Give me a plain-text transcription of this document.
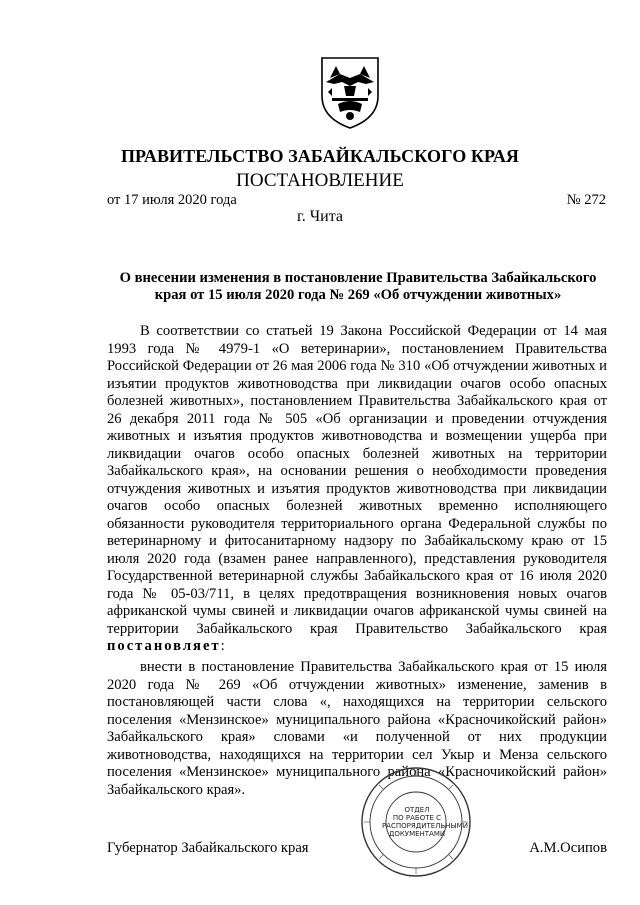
ПРАВИТЕЛЬСТВО ЗАБАЙКАЛЬСКОГО КРАЯ
ПОСТАНОВЛЕНИЕ
от 17 июля 2020 года	№ 272
г. Чита
О внесении изменения в постановление Правительства Забайкальского
края от 15 июля 2020 года № 269 «Об отчуждении животных»
В соответствии со статьей 19 Закона Российской Федерации от 14 мая 1993 года № 4979-1 «О ветеринарии», постановлением Правительства Российской Федерации от 26 мая 2006 года № 310 «Об отчуждении животных и изъятии продуктов животноводства при ликвидации очагов особо опасных болезней животных», постановлением Правительства Забайкальского края от 26 декабря 2011 года № 505 «Об организации и проведении отчуждения животных и изъятия продуктов животноводства и возмещении ущерба при ликвидации очагов особо опасных болезней животных на территории Забайкальского края», на основании решения о необходимости проведения отчуждения животных и изъятия продуктов животноводства при ликвидации очагов особо опасных болезней животных временно исполняющего обязанности руководителя территориального органа Федеральной службы по ветеринарному и фитосанитарному надзору по Забайкальскому краю от 15 июля 2020 года (взамен ранее направленного), представления руководителя Государственной ветеринарной службы Забайкальского края от 16 июля 2020 года № 05-03/711, в целях предотвращения возникновения новых очагов африканской чумы свиней и ликвидации очагов африканской чумы свиней на территории Забайкальского края Правительство Забайкальского края постановляет:
внести в постановление Правительства Забайкальского края от 15 июля 2020 года № 269 «Об отчуждении животных» изменение, заменив в постановляющей части слова «, находящихся на территории сельского поселения «Мензинское» муниципального района «Красночикойский район» Забайкальского края» словами «и полученной от них продукции животноводства, находящихся на территории сел Укыр и Менза сельского поселения «Мензинское» муниципального района «Красночикойский район» Забайкальского края».
Губернатор Забайкальского края	А.М.Осипов
ОТДЕЛ
ПО РАБОТЕ С
РАСПОРЯДИТЕЛЬНЫМИ
ДОКУМЕНТАМИ
